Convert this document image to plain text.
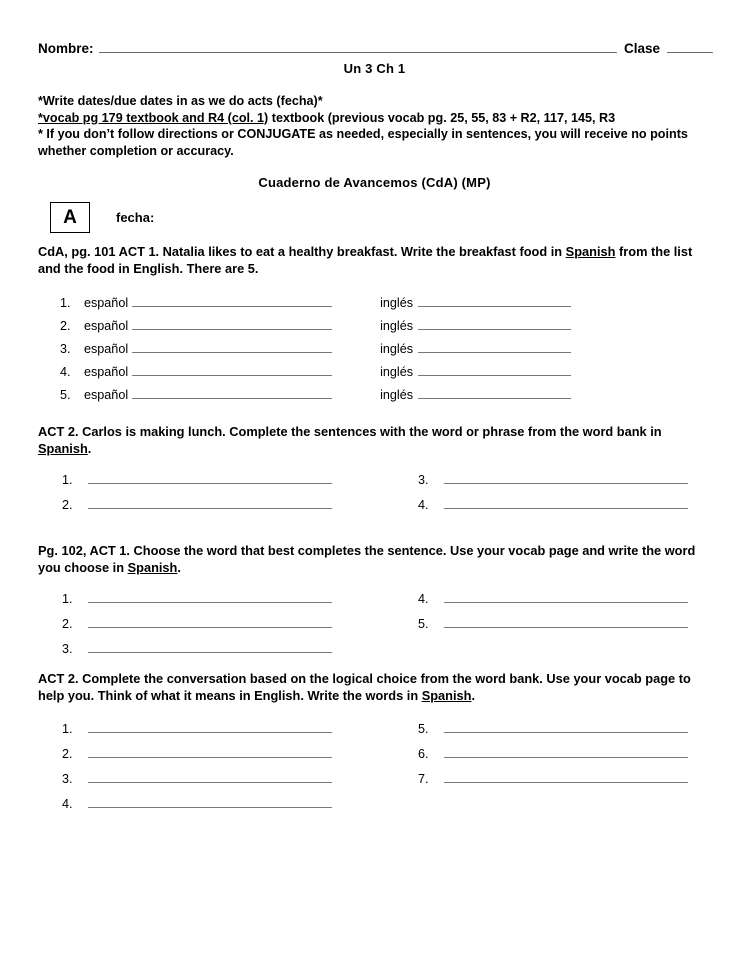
Nombre:	Clase
Un 3 Ch 1
*Write dates/due dates in as we do acts (fecha)*
*vocab pg 179 textbook and R4 (col. 1) textbook (previous vocab pg. 25, 55, 83 + R2, 117, 145, R3
* If you don’t follow directions or CONJUGATE as needed, especially in sentences, you will receive no points whether completion or accuracy.
Cuaderno de Avancemos (CdA) (MP)
A	fecha:
CdA, pg. 101 ACT 1. Natalia likes to eat a healthy breakfast. Write the breakfast food in Spanish from the list and the food in English. There are 5.
1.	español	inglés
2.	español	inglés
3.	español	inglés
4.	español	inglés
5.	español	inglés
ACT 2. Carlos is making lunch. Complete the sentences with the word or phrase from the word bank in Spanish.
1.
2.
3.
4.
Pg. 102, ACT 1. Choose the word that best completes the sentence. Use your vocab page and write the word you choose in Spanish.
1.
2.
3.
4.
5.
ACT 2. Complete the conversation based on the logical choice from the word bank. Use your vocab page to help you. Think of what it means in English. Write the words in Spanish.
1.
2.
3.
4.
5.
6.
7.
